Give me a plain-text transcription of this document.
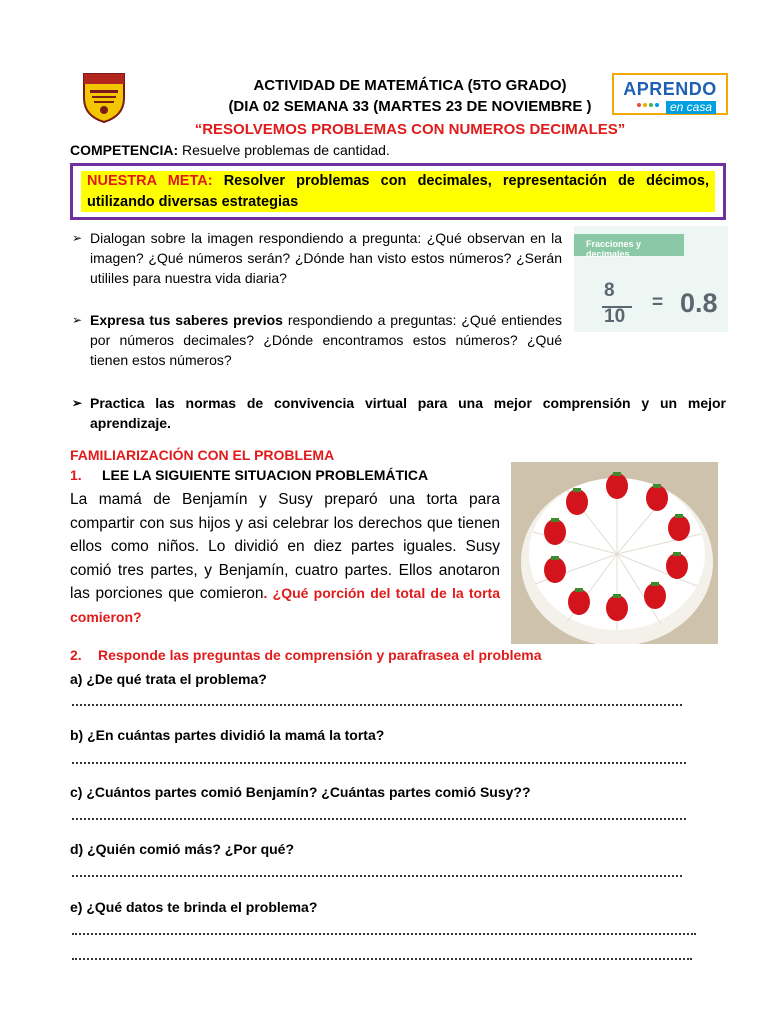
ACTIVIDAD DE MATEMÁTICA (5TO GRADO)
(DIA 02 SEMANA 33 (MARTES 23 DE NOVIEMBRE )
“RESOLVEMOS PROBLEMAS CON NUMEROS DECIMALES”
APRENDO
en casa
COMPETENCIA: Resuelve problemas de cantidad.
NUESTRA META: Resolver problemas con decimales, representación de décimos, utilizando diversas estrategias
➢ Dialogan sobre la imagen respondiendo a pregunta: ¿Qué observan en la imagen? ¿Qué números serán? ¿Dónde han visto estos números? ¿Serán utililes para nuestra vida diaria?
➢ Expresa tus saberes previos respondiendo a preguntas: ¿Qué entiendes por números decimales? ¿Dónde encontramos estos números? ¿Qué tienen estos números?
➢ Practica las normas de convivencia virtual para una mejor comprensión y un mejor aprendizaje.
Fracciones y decimales
8
10
= 0.8
FAMILIARIZACIÓN CON EL PROBLEMA
1. LEE LA SIGUIENTE SITUACION PROBLEMÁTICA
La mamá de Benjamín y Susy preparó una torta para compartir con sus hijos y asi celebrar los derechos que tienen ellos como niños. Lo dividió en diez partes iguales. Susy comió tres partes, y Benjamín, cuatro partes. Ellos anotaron las porciones que comieron. ¿Qué porción del total de la torta comieron?
2. Responde las preguntas de comprensión y parafrasea el problema
a) ¿De qué trata el problema?
b) ¿En cuántas partes dividió la mamá la torta?
c) ¿Cuántos partes comió Benjamín? ¿Cuántas partes comió Susy??
d) ¿Quién comió más? ¿Por qué?
e) ¿Qué datos te brinda el problema?
